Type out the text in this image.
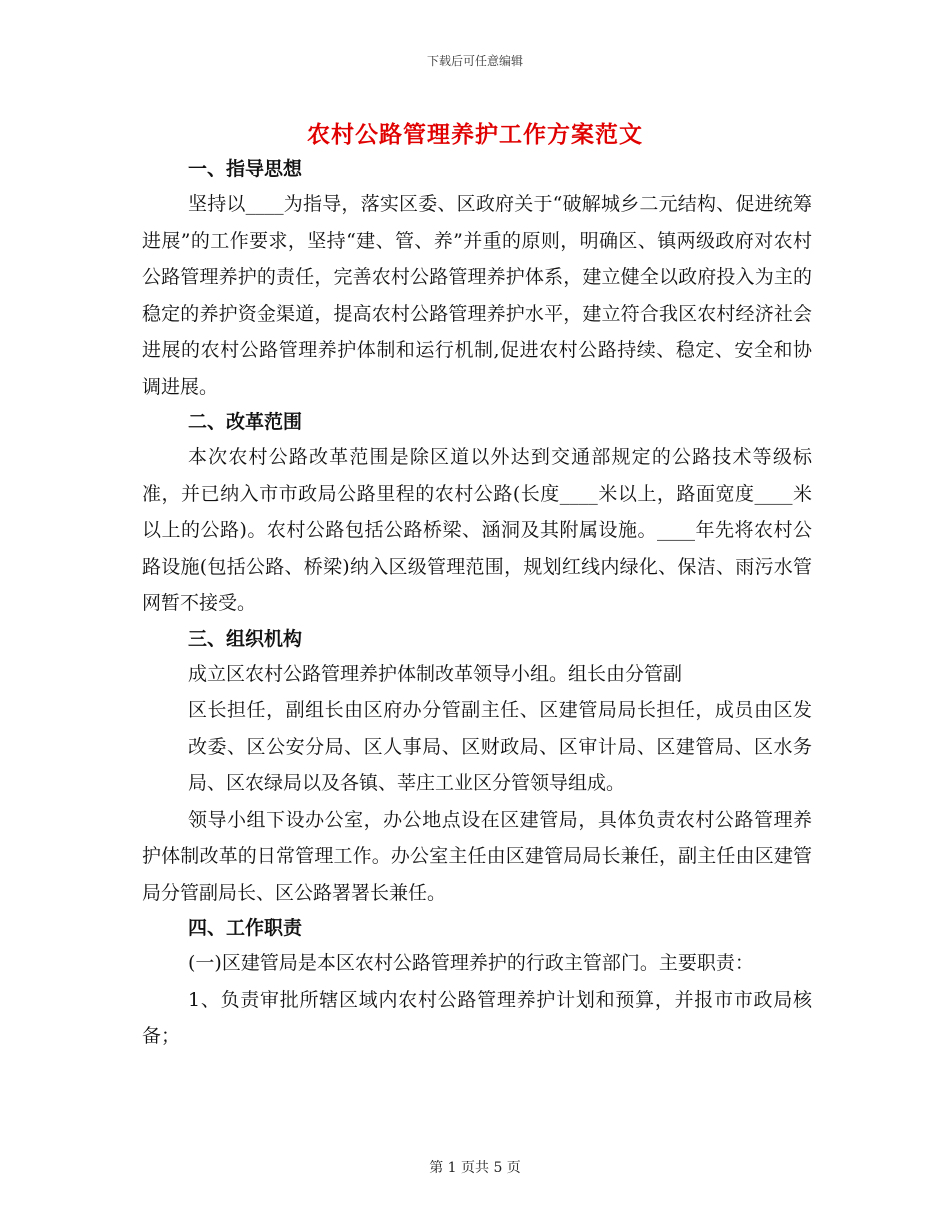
下载后可任意编辑
农村公路管理养护工作方案范文
一、指导思想

坚持以____为指导，落实区委、区政府关于“破解城乡二元结构、促进统筹进展”的工作要求，坚持“建、管、养”并重的原则，明确区、镇两级政府对农村公路管理养护的责任，完善农村公路管理养护体系，建立健全以政府投入为主的稳定的养护资金渠道，提高农村公路管理养护水平，建立符合我区农村经济社会进展的农村公路管理养护体制和运行机制,促进农村公路持续、稳定、安全和协调进展。

二、改革范围

本次农村公路改革范围是除区道以外达到交通部规定的公路技术等级标准，并已纳入市市政局公路里程的农村公路(长度____米以上，路面宽度____米以上的公路)。农村公路包括公路桥梁、涵洞及其附属设施。____年先将农村公路设施(包括公路、桥梁)纳入区级管理范围，规划红线内绿化、保洁、雨污水管网暂不接受。

三、组织机构

成立区农村公路管理养护体制改革领导小组。组长由分管副

区长担任，副组长由区府办分管副主任、区建管局局长担任，成员由区发改委、区公安分局、区人事局、区财政局、区审计局、区建管局、区水务局、区农绿局以及各镇、莘庄工业区分管领导组成。

领导小组下设办公室，办公地点设在区建管局，具体负责农村公路管理养护体制改革的日常管理工作。办公室主任由区建管局局长兼任，副主任由区建管局分管副局长、区公路署署长兼任。

四、工作职责

(一)区建管局是本区农村公路管理养护的行政主管部门。主要职责：

1、负责审批所辖区域内农村公路管理养护计划和预算，并报市市政局核备；

第 1 页共 5 页
